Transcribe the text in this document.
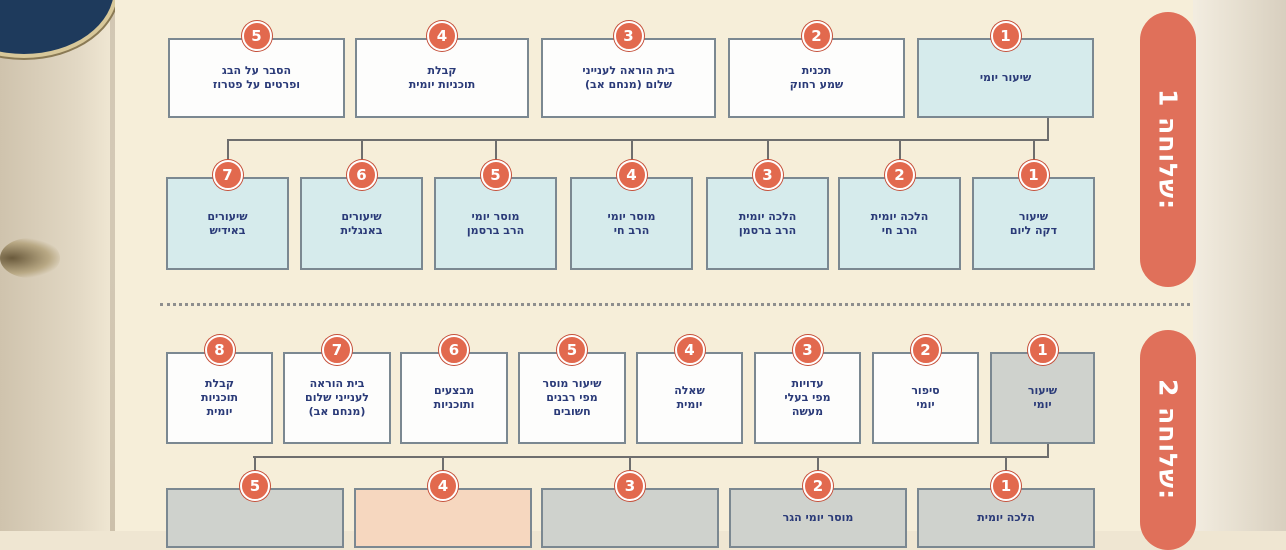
שלוחה 1:
שלוחה 2:
הסבר על הבג
ופרטים על פטרוז
5
קבלת
תוכניות יומית
4
בית הוראה לענייני
שלום (מנחם אב)
3
תכנית
שמע רחוק
2
שיעור יומי
1
שיעורים
באידיש
7
שיעורים
באנגלית
6
מוסר יומי
הרב ברסמן
5
מוסר יומי
הרב חי
4
הלכה יומית
הרב ברסמן
3
הלכה יומית
הרב חי
2
שיעור
דקה ליום
1
קבלת
תוכניות
יומית
8
בית הוראה
לענייני שלום
(מנחם אב)
7
מבצעים
ותוכניות
6
שיעור מוסר
מפי רבנים
חשובים
5
שאלה
יומית
4
עדויות
מפי בעלי
מעשה
3
סיפור
יומי
2
שיעור
יומי
1
5	4	3
מוסר יומי הגר
2
הלכה יומית
1
